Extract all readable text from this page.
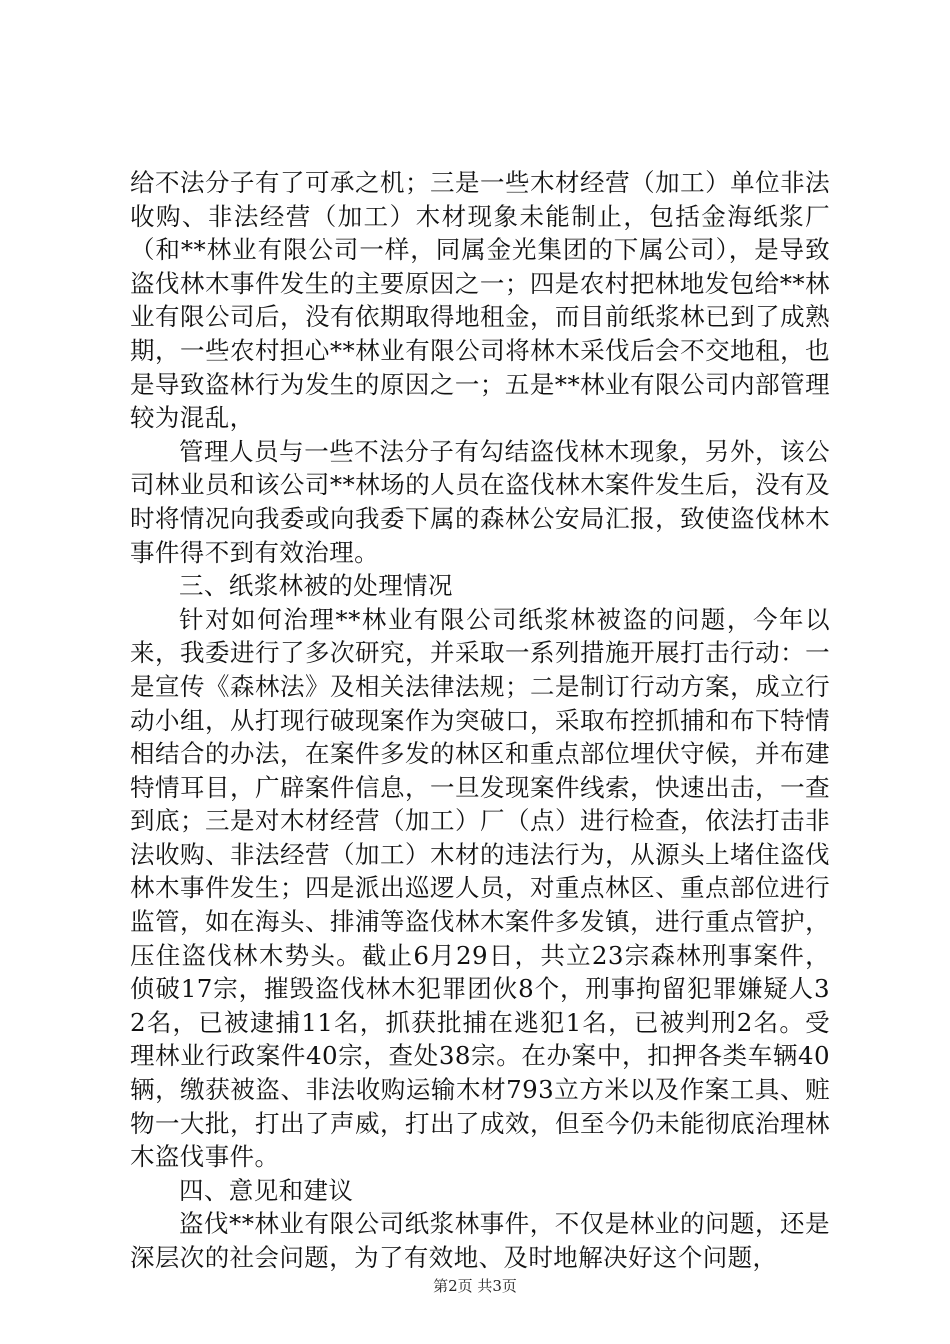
给不法分子有了可承之机；三是一些木材经营（加工）单位非法收购、非法经营（加工）木材现象未能制止，包括金海纸浆厂（和**林业有限公司一样，同属金光集团的下属公司），是导致盗伐林木事件发生的主要原因之一；四是农村把林地发包给**林业有限公司后，没有依期取得地租金，而目前纸浆林已到了成熟期，一些农村担心**林业有限公司将林木采伐后会不交地租，也是导致盗林行为发生的原因之一；五是**林业有限公司内部管理较为混乱，

管理人员与一些不法分子有勾结盗伐林木现象，另外，该公司林业员和该公司**林场的人员在盗伐林木案件发生后，没有及时将情况向我委或向我委下属的森林公安局汇报，致使盗伐林木事件得不到有效治理。

三、纸浆林被的处理情况

针对如何治理**林业有限公司纸浆林被盗的问题，今年以来，我委进行了多次研究，并采取一系列措施开展打击行动：一是宣传《森林法》及相关法律法规；二是制订行动方案，成立行动小组，从打现行破现案作为突破口，采取布控抓捕和布下特情相结合的办法，在案件多发的林区和重点部位埋伏守候，并布建特情耳目，广辟案件信息，一旦发现案件线索，快速出击，一查到底；三是对木材经营（加工）厂（点）进行检查，依法打击非法收购、非法经营（加工）木材的违法行为，从源头上堵住盗伐林木事件发生；四是派出巡逻人员，对重点林区、重点部位进行监管，如在海头、排浦等盗伐林木案件多发镇，进行重点管护，压住盗伐林木势头。截止6月29日，共立23宗森林刑事案件，侦破17宗，摧毁盗伐林木犯罪团伙8个，刑事拘留犯罪嫌疑人32名，已被逮捕11名，抓获批捕在逃犯1名，已被判刑2名。受理林业行政案件40宗，查处38宗。在办案中，扣押各类车辆40辆，缴获被盗、非法收购运输木材793立方米以及作案工具、赃物一大批，打出了声威，打出了成效，但至今仍未能彻底治理林木盗伐事件。

四、意见和建议

盗伐**林业有限公司纸浆林事件，不仅是林业的问题，还是深层次的社会问题，为了有效地、及时地解决好这个问题，

第2页 共3页
